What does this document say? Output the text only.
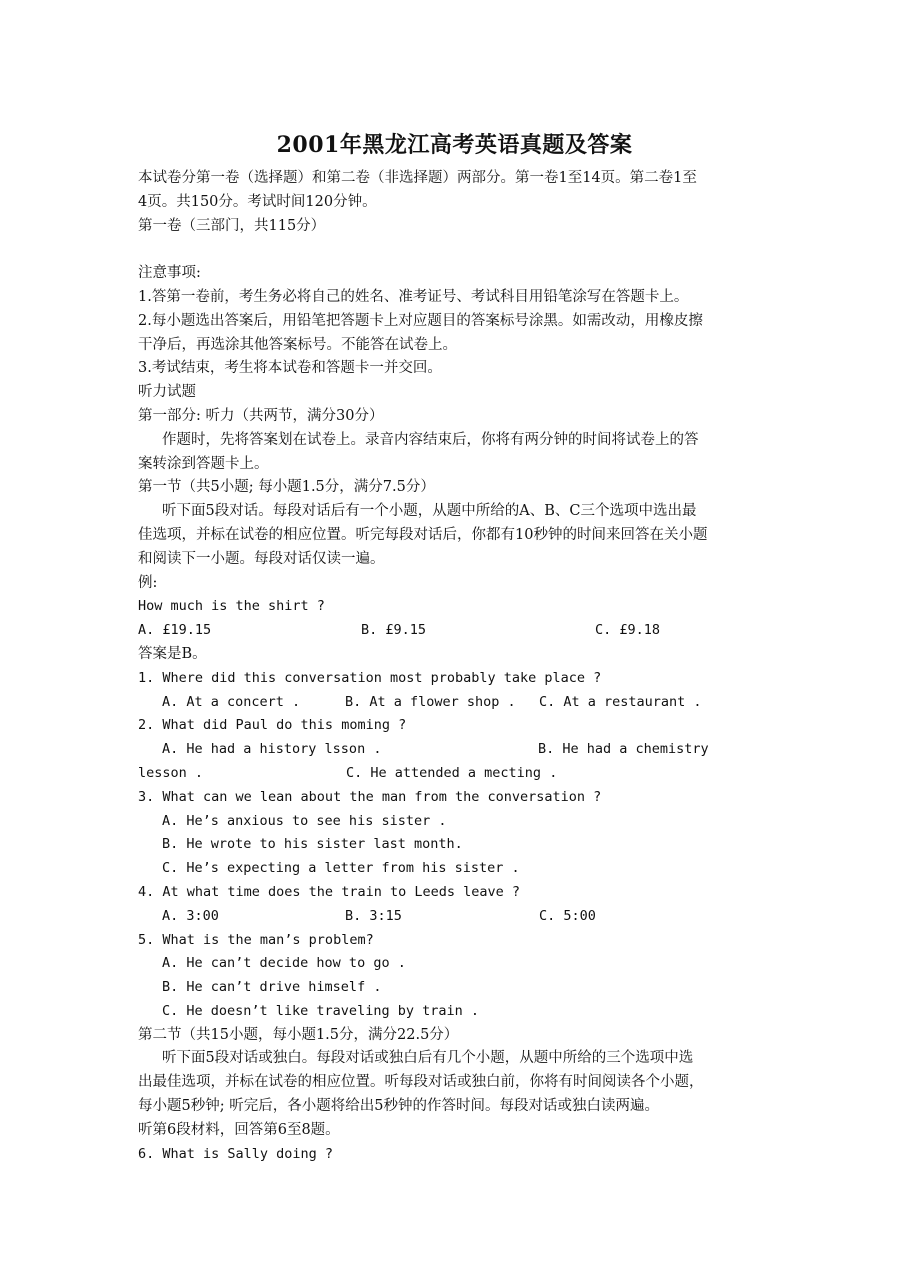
2001年黑龙江高考英语真题及答案
本试卷分第一卷（选择题）和第二卷（非选择题）两部分。第一卷1至14页。第二卷1至
4页。共150分。考试时间120分钟。
第一卷（三部门，共115分）
注意事项:
1.答第一卷前，考生务必将自己的姓名、准考证号、考试科目用铅笔涂写在答题卡上。
2.每小题选出答案后，用铅笔把答题卡上对应题目的答案标号涂黑。如需改动，用橡皮擦
干净后，再选涂其他答案标号。不能答在试卷上。
3.考试结束，考生将本试卷和答题卡一并交回。
听力试题
第一部分: 听力（共两节，满分30分）
作题时，先将答案划在试卷上。录音内容结束后，你将有两分钟的时间将试卷上的答
案转涂到答题卡上。
第一节（共5小题; 每小题1.5分，满分7.5分）
听下面5段对话。每段对话后有一个小题，从题中所给的A、B、C三个选项中选出最
佳选项，并标在试卷的相应位置。听完每段对话后，你都有10秒钟的时间来回答在关小题
和阅读下一小题。每段对话仅读一遍。
例:
How much is the shirt ?
A. £19.15	B. £9.15	C. £9.18
答案是B。
1. Where did this conversation most probably take place ?
A. At a concert .	B. At a flower shop .	C. At a restaurant .
2. What did Paul do this moming ?
A. He had a history lsson .	B. He had a chemistry
lesson .	C. He attended a mecting .
3. What can we lean about the man from the conversation ?
A. He’s anxious to see his sister .
B. He wrote to his sister last month.
C. He’s expecting a letter from his sister .
4. At what time does the train to Leeds leave ?
A. 3:00	B. 3:15	C. 5:00
5. What is the man’s problem?
A. He can’t decide how to go .
B. He can’t drive himself .
C. He doesn’t like traveling by train .
第二节（共15小题，每小题1.5分，满分22.5分）
听下面5段对话或独白。每段对话或独白后有几个小题，从题中所给的三个选项中选
出最佳选项，并标在试卷的相应位置。听每段对话或独白前，你将有时间阅读各个小题，
每小题5秒钟; 听完后，各小题将给出5秒钟的作答时间。每段对话或独白读两遍。
听第6段材料，回答第6至8题。
6. What is Sally doing ?
